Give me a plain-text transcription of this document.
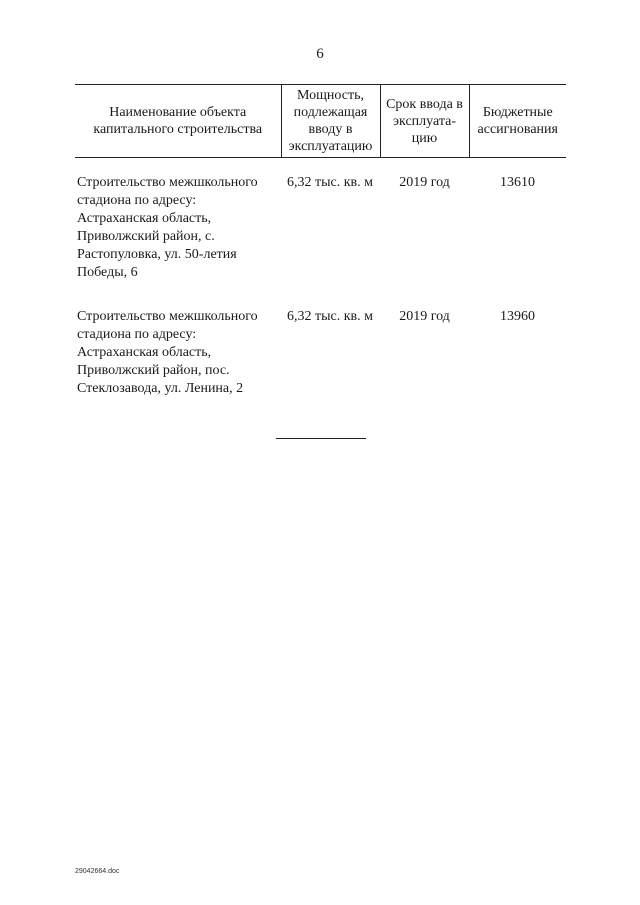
6
Наименование объекта капитального строительства	Мощность, подлежащая вводу в эксплуатацию	Срок ввода в эксплуата-цию	Бюджетные ассигнования
Строительство межшкольного стадиона по адресу: Астраханская область, Приволжский район, с. Растопуловка, ул. 50-летия Победы, 6	6,32 тыс. кв. м	2019 год	13610
Строительство межшкольного стадиона по адресу: Астраханская область, Приволжский район, пос. Стеклозавода, ул. Ленина, 2	6,32 тыс. кв. м	2019 год	13960
29042664.doc
